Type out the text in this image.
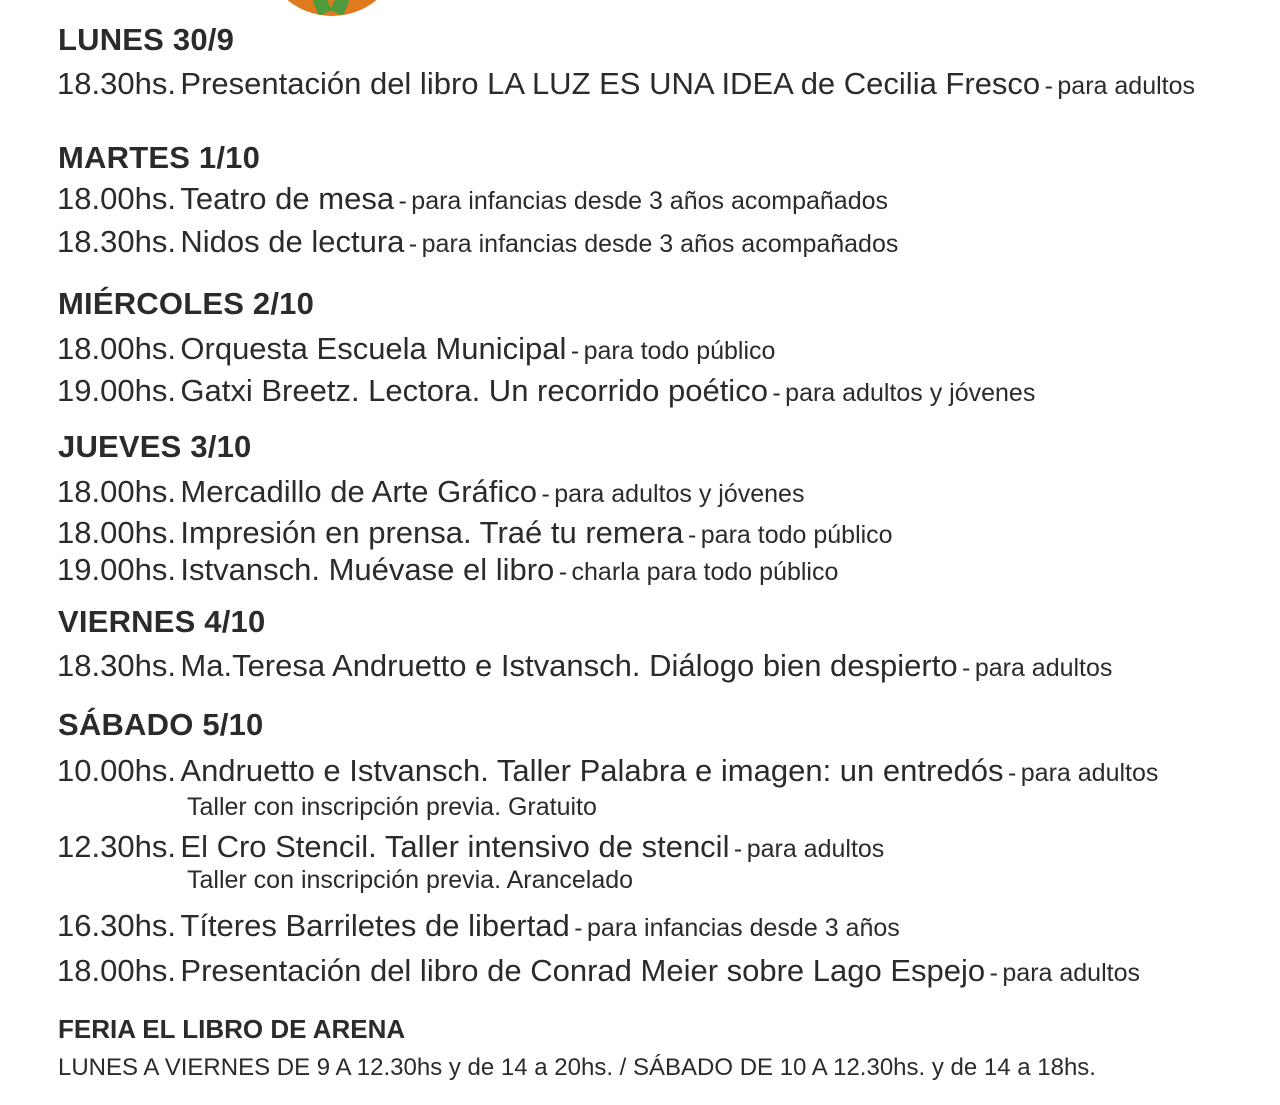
LUNES 30/9
18.30hs. Presentación del libro LA LUZ ES UNA IDEA de Cecilia Fresco - para adultos
MARTES 1/10
18.00hs. Teatro de mesa - para infancias desde 3 años acompañados
18.30hs. Nidos de lectura - para infancias desde 3 años acompañados
MIÉRCOLES 2/10
18.00hs. Orquesta Escuela Municipal - para todo público
19.00hs. Gatxi Breetz. Lectora. Un recorrido poético - para adultos y jóvenes
JUEVES 3/10
18.00hs. Mercadillo de Arte Gráfico - para adultos y jóvenes
18.00hs. Impresión en prensa. Traé tu remera - para todo público
19.00hs. Istvansch. Muévase el libro - charla para todo público
VIERNES 4/10
18.30hs. Ma.Teresa Andruetto e Istvansch. Diálogo bien despierto - para adultos
SÁBADO 5/10
10.00hs. Andruetto e Istvansch. Taller Palabra e imagen: un entredós - para adultos
Taller con inscripción previa. Gratuito
12.30hs. El Cro Stencil. Taller intensivo de stencil - para adultos
Taller con inscripción previa. Arancelado
16.30hs. Títeres Barriletes de libertad - para infancias desde 3 años
18.00hs. Presentación del libro de Conrad Meier sobre Lago Espejo - para adultos
FERIA EL LIBRO DE ARENA
LUNES A VIERNES DE 9 A 12.30hs y de 14 a 20hs. / SÁBADO DE 10 A 12.30hs. y de 14 a 18hs.
